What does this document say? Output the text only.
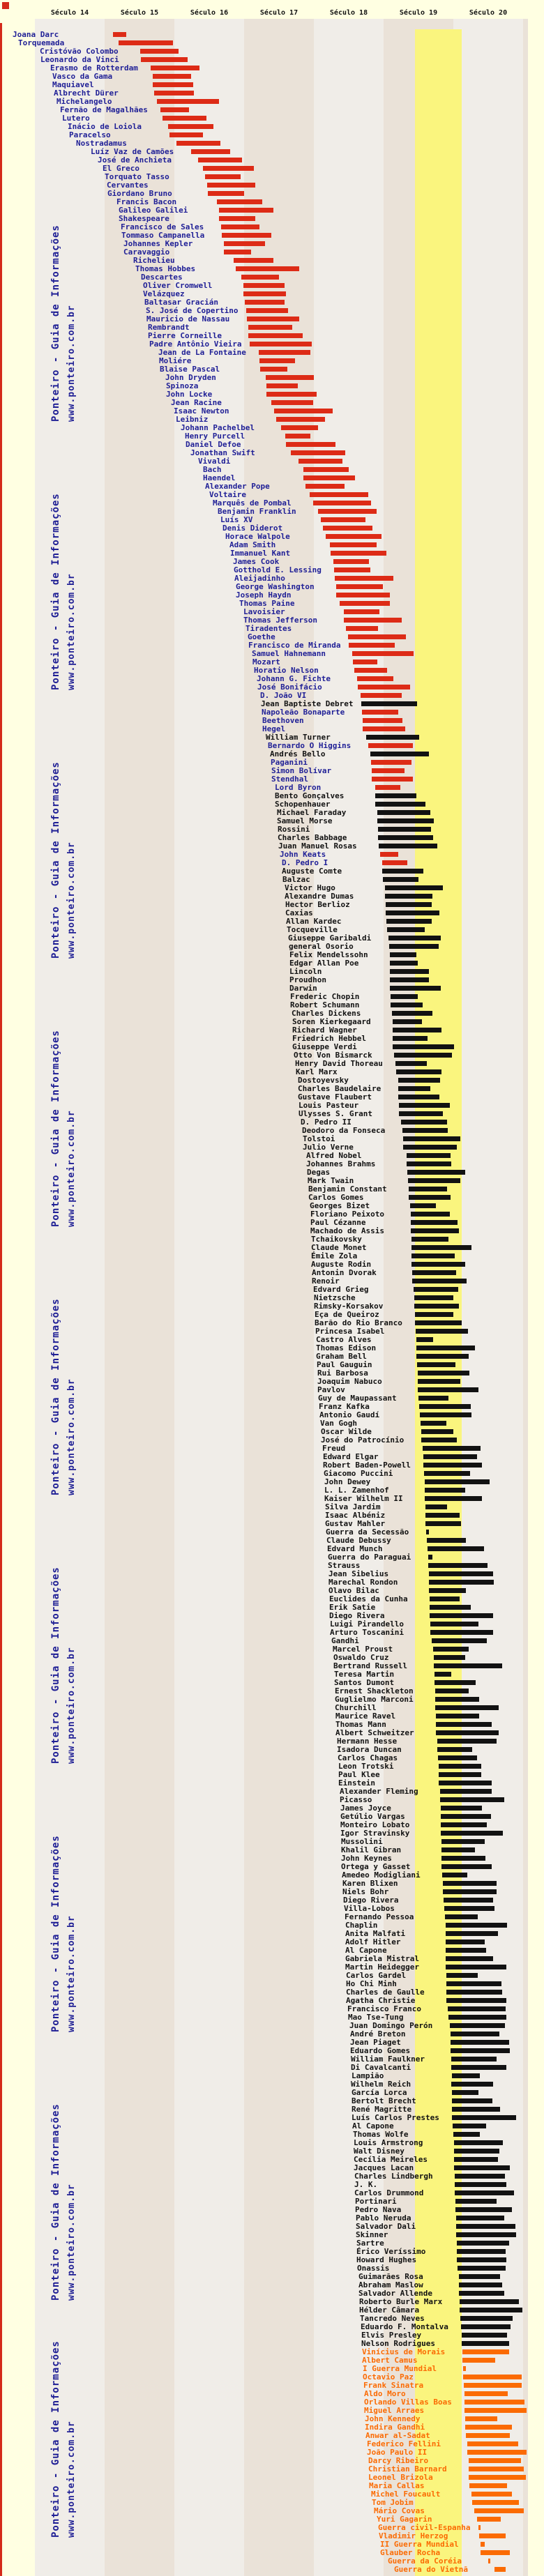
Século 14	Século 15	Século 16	Século 17	Século 18	Século 19	Século 20
Joana Darc
Torquemada
Cristóvão Colombo
Leonardo da Vinci
Erasmo de Rotterdam
Vasco da Gama
Maquiavel
Albrecht Dürer
Michelangelo
Fernão de Magalhães
Lutero
Inácio de Loiola
Paracelso
Nostradamus
Luíz Vaz de Camões
José de Anchieta
El Greco
Torquato Tasso
Cervantes
Giordano Bruno
Francis Bacon
Galileo Galilei
Shakespeare
Francisco de Sales
Tommaso Campanella
Johannes Kepler
Caravaggio
Richelieu
Thomas Hobbes
Descartes
Oliver Cromwell
Velázquez
Baltasar Gracián
S. José de Copertino
Mauricio de Nassau
Rembrandt
Pierre Corneille
Padre Antônio Vieira
Jean de La Fontaine
Moliére
Blaise Pascal
John Dryden
Spinoza
John Locke
Jean Racine
Isaac Newton
Leibniz
Johann Pachelbel
Henry Purcell
Daniel Defoe
Jonathan Swift
Vivaldi
Bach
Haendel
Alexander Pope
Voltaire
Marquês de Pombal
Benjamin Franklin
Luís XV
Denis Diderot
Horace Walpole
Adam Smith
Immanuel Kant
James Cook
Gotthold E. Lessing
Aleijadinho
George Washington
Joseph Haydn
Thomas Paine
Lavoisier
Thomas Jefferson
Tiradentes
Goethe
Francisco de Miranda
Samuel Hahnemann
Mozart
Horatio Nelson
Johann G. Fichte
José Bonifácio
D. João VI
Jean Baptiste Debret
Napoleão Bonaparte
Beethoven
Hegel
William Turner
Bernardo O Higgins
Andrés Bello
Paganini
Simon Bolívar
Stendhal
Lord Byron
Bento Gonçalves
Schopenhauer
Michael Faraday
Samuel Morse
Rossini
Charles Babbage
Juan Manuel Rosas
John Keats
D. Pedro I
Auguste Comte
Balzac
Victor Hugo
Alexandre Dumas
Hector Berlioz
Caxias
Allan Kardec
Tocqueville
Giuseppe Garibaldi
general Osorio
Felix Mendelssohn
Edgar Allan Poe
Lincoln
Proudhon
Darwin
Frederic Chopin
Robert Schumann
Charles Dickens
Soren Kierkegaard
Richard Wagner
Friedrich Hebbel
Giuseppe Verdi
Otto Von Bismarck
Henry David Thoreau
Karl Marx
Dostoyevsky
Charles Baudelaire
Gustave Flaubert
Louis Pasteur
Ulysses S. Grant
D. Pedro II
Deodoro da Fonseca
Tolstoi
Julio Verne
Alfred Nobel
Johannes Brahms
Degas
Mark Twain
Benjamin Constant
Carlos Gomes
Georges Bizet
Floriano Peixoto
Paul Cézanne
Machado de Assis
Tchaikovsky
Claude Monet
Émile Zola
Auguste Rodin
Antonin Dvorak
Renoir
Edvard Grieg
Nietzsche
Rimsky-Korsakov
Eça de Queiroz
Barão do Rio Branco
Princesa Isabel
Castro Alves
Thomas Edison
Graham Bell
Paul Gauguin
Rui Barbosa
Joaquim Nabuco
Pavlov
Guy de Maupassant
Franz Kafka
Antonio Gaudí
Van Gogh
Oscar Wilde
José do Patrocínio
Freud
Edward Elgar
Robert Baden-Powell
Giacomo Puccini
John Dewey
L. L. Zamenhof
Kaiser Wilhelm II
Silva Jardim
Isaac Albéniz
Gustav Mahler
Guerra da Secessão
Claude Debussy
Edvard Munch
Guerra do Paraguai
Strauss
Jean Sibelius
Marechal Rondon
Olavo Bilac
Euclides da Cunha
Erik Satie
Diego Rivera
Luigi Pirandello
Arturo Toscanini
Gandhi
Marcel Proust
Oswaldo Cruz
Bertrand Russell
Teresa Martin
Santos Dumont
Ernest Shackleton
Guglielmo Marconi
Churchill
Maurice Ravel
Thomas Mann
Albert Schweitzer
Hermann Hesse
Isadora Duncan
Carlos Chagas
Leon Trotski
Paul Klee
Einstein
Alexander Fleming
Picasso
James Joyce
Getúlio Vargas
Monteiro Lobato
Igor Stravinsky
Mussolini
Khalil Gibran
John Keynes
Ortega y Gasset
Amedeo Modigliani
Karen Blixen
Niels Bohr
Diego Rivera
Villa-Lobos
Fernando Pessoa
Chaplin
Anita Malfati
Adolf Hitler
Al Capone
Gabriela Mistral
Martin Heidegger
Carlos Gardel
Ho Chi Minh
Charles de Gaulle
Agatha Christie
Francisco Franco
Mao Tse-Tung
Juan Domingo Perón
André Breton
Jean Piaget
Eduardo Gomes
William Faulkner
Di Cavalcanti
Lampião
Wilhelm Reich
García Lorca
Bertolt Brecht
René Magritte
Luís Carlos Prestes
Al Capone
Thomas Wolfe
Louis Armstrong
Walt Disney
Cecília Meireles
Jacques Lacan
Charles Lindbergh
J. K.
Carlos Drummond
Portinari
Pedro Nava
Pablo Neruda
Salvador Dali
Skinner
Sartre
Érico Veríssimo
Howard Hughes
Onassis
Guimarães Rosa
Abraham Maslow
Salvador Allende
Roberto Burle Marx
Hélder Câmara
Tancredo Neves
Eduardo F. Montalva
Elvis Presley
Nelson Rodrigues
Vinícius de Morais
Albert Camus
I Guerra Mundial
Octavio Paz
Frank Sinatra
Aldo Moro
Orlando Villas Boas
Miguel Arraes
John Kennedy
Indira Gandhi
Anwar al-Sadat
Federico Fellini
João Paulo II
Darcy Ribeiro
Christian Barnard
Leonel Brizola
Maria Callas
Michel Foucault
Tom Jobim
Mário Covas
Yuri Gagarin
Guerra civil-Espanha
Vladimir Herzog
II Guerra Mundial
Glauber Rocha
Guerra da Coréia
Guerra do Vietnã
Ponteiro - Guia de Informações www.ponteiro.com.br
Ponteiro - Guia de Informações www.ponteiro.com.br
Ponteiro - Guia de Informações www.ponteiro.com.br
Ponteiro - Guia de Informações www.ponteiro.com.br
Ponteiro - Guia de Informações www.ponteiro.com.br
Ponteiro - Guia de Informações www.ponteiro.com.br
Ponteiro - Guia de Informações www.ponteiro.com.br
Ponteiro - Guia de Informações www.ponteiro.com.br
Ponteiro - Guia de Informações www.ponteiro.com.br
